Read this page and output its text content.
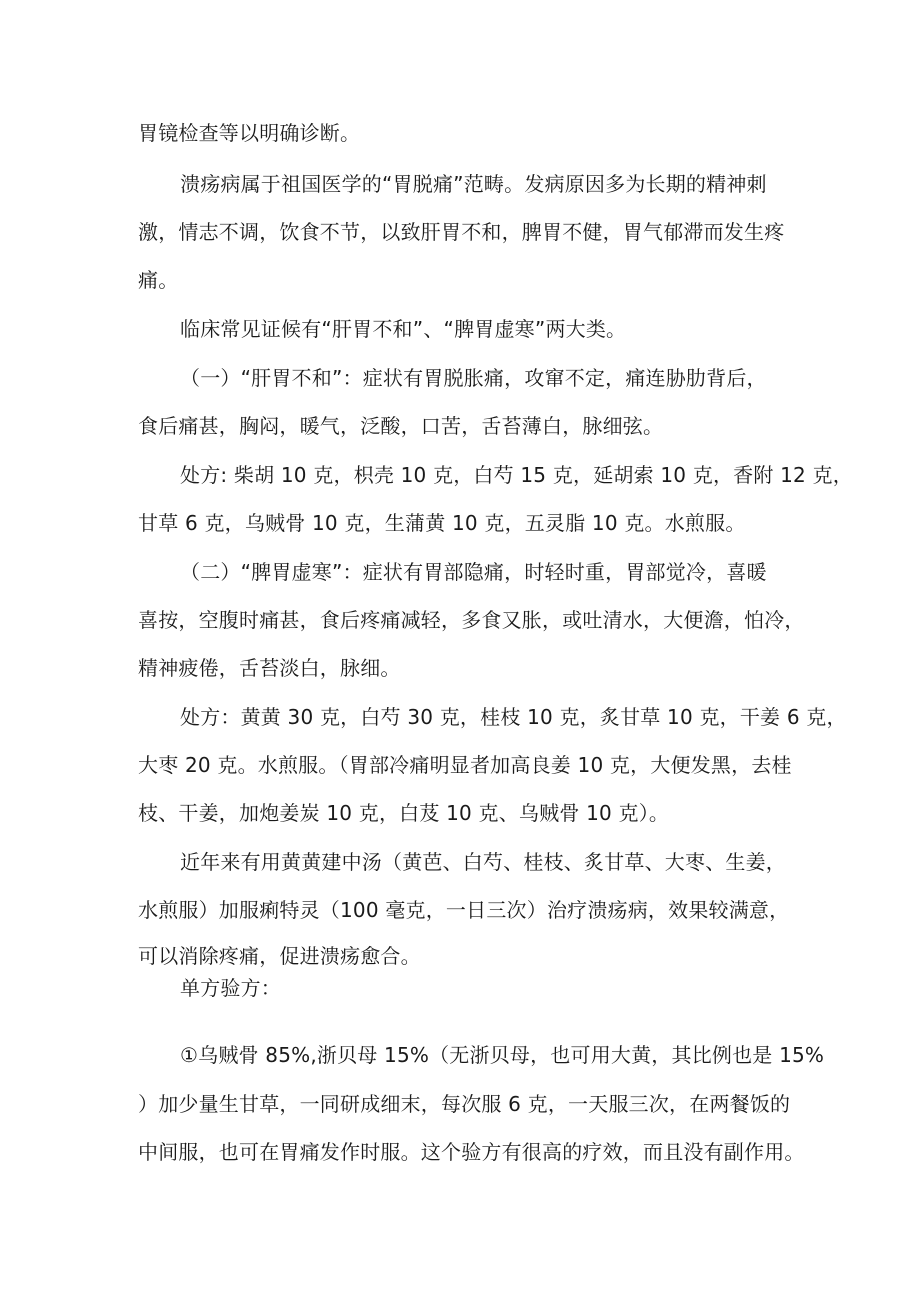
胃镜检查等以明确诊断。
溃疡病属于祖国医学的“胃脱痛”范畴。发病原因多为长期的精神刺
激，情志不调，饮食不节，以致肝胃不和，脾胃不健，胃气郁滞而发生疼
痛。
临床常见证候有“肝胃不和”、“脾胃虚寒”两大类。
（一）“肝胃不和”：症状有胃脱胀痛，攻窜不定，痛连胁肋背后，
食后痛甚，胸闷，暖气，泛酸，口苦，舌苔薄白，脉细弦。
处方: 柴胡 10 克，枳壳 10 克，白芍 15 克，延胡索 10 克，香附 12 克，
甘草 6 克，乌贼骨 10 克，生蒲黄 10 克，五灵脂 10 克。水煎服。
（二）“脾胃虚寒”：症状有胃部隐痛，时轻时重，胃部觉冷，喜暖
喜按，空腹时痛甚，食后疼痛减轻，多食又胀，或吐清水，大便澹，怕冷，
精神疲倦，舌苔淡白，脉细。
处方：黄黄 30 克，白芍 30 克，桂枝 10 克，炙甘草 10 克，干姜 6 克，
大枣 20 克。水煎服。（胃部冷痛明显者加高良姜 10 克，大便发黑，去桂
枝、干姜，加炮姜炭 10 克，白芨 10 克、乌贼骨 10 克）。
近年来有用黄黄建中汤（黄芭、白芍、桂枝、炙甘草、大枣、生姜，
水煎服）加服痢特灵（100 毫克，一日三次）治疗溃疡病，效果较满意，
可以消除疼痛，促进溃疡愈合。
单方验方：
①乌贼骨 85%,浙贝母 15%（无浙贝母，也可用大黄，其比例也是 15%
）加少量生甘草，一同研成细末，每次服 6 克，一天服三次，在两餐饭的
中间服，也可在胃痛发作时服。这个验方有很高的疗效，而且没有副作用。
